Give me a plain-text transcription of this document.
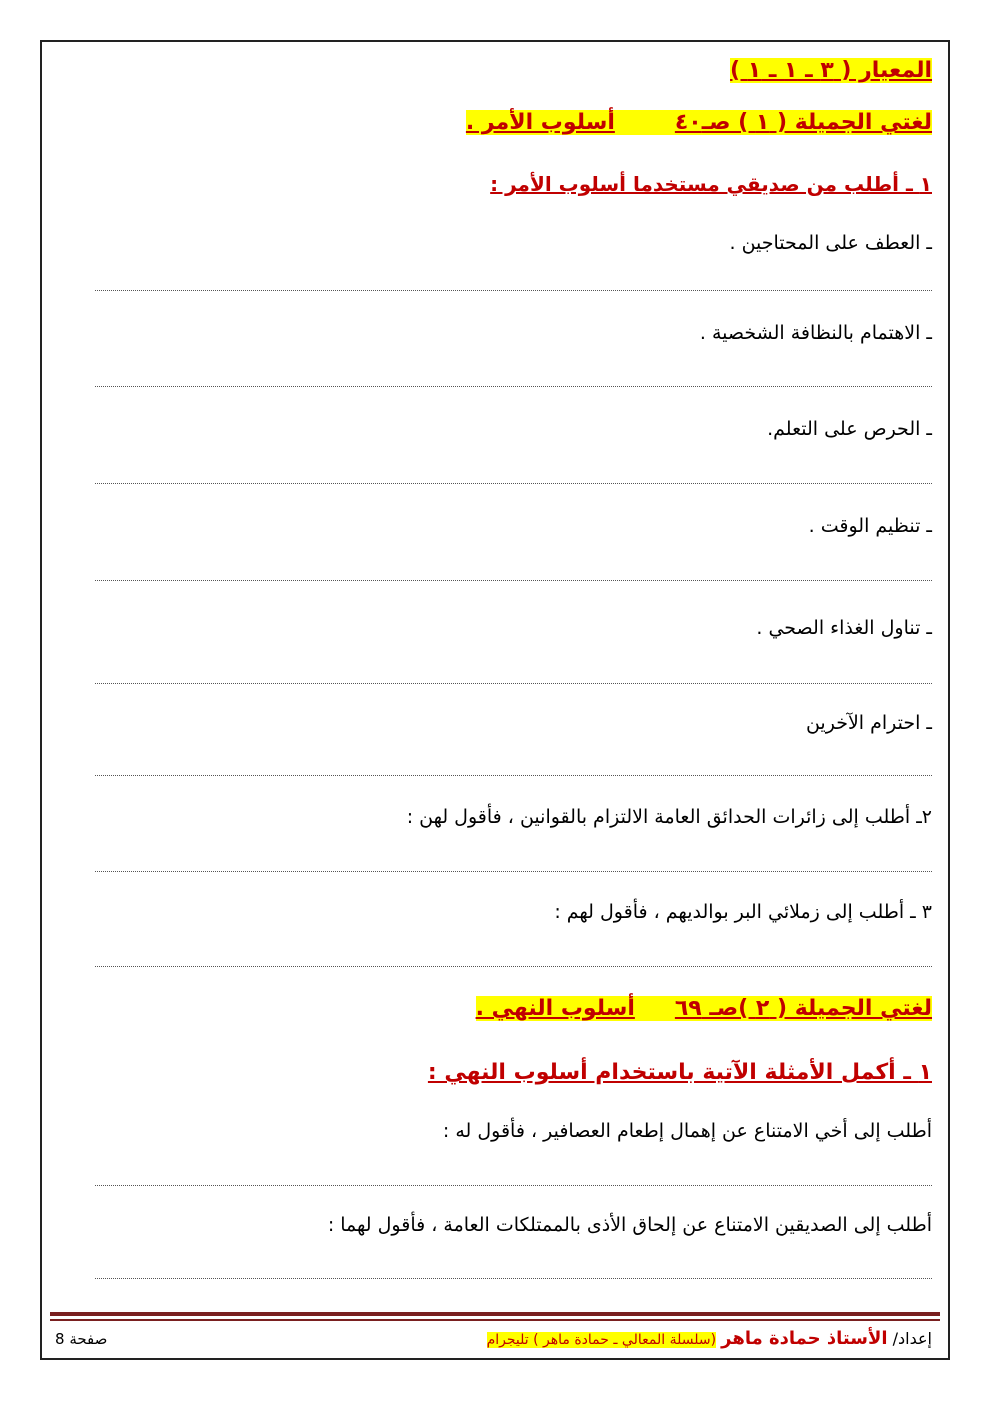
المعيار ( ٣ ـ ١ ـ ١ )
لغتي الجميلة ( ١ ) صـ٤٠أسلوب الأمر .
١ ـ أطلب من صديقي مستخدما أسلوب الأمر :
ـ العطف على المحتاجين .
ـ الاهتمام بالنظافة الشخصية .
ـ الحرص على التعلم.
ـ تنظيم الوقت .
ـ تناول الغذاء الصحي .
ـ احترام الآخرين
٢ـ أطلب إلى زائرات الحدائق العامة الالتزام بالقوانين ، فأقول لهن :
٣ ـ أطلب إلى زملائي البر بوالديهم ، فأقول لهم :
لغتي الجميلة ( ٢ )صـ ٦٩أسلوب النهي .
١ ـ أكمل الأمثلة الآتية باستخدام أسلوب النهي :
أطلب إلى أخي الامتناع عن إهمال إطعام العصافير ، فأقول له :
أطلب إلى الصديقين الامتناع عن إلحاق الأذى بالممتلكات العامة ، فأقول لهما :
إعداد/ الأستاذ حمادة ماهر (سلسلة المعالي ـ حمادة ماهر ) تليجرام
صفحة 8
